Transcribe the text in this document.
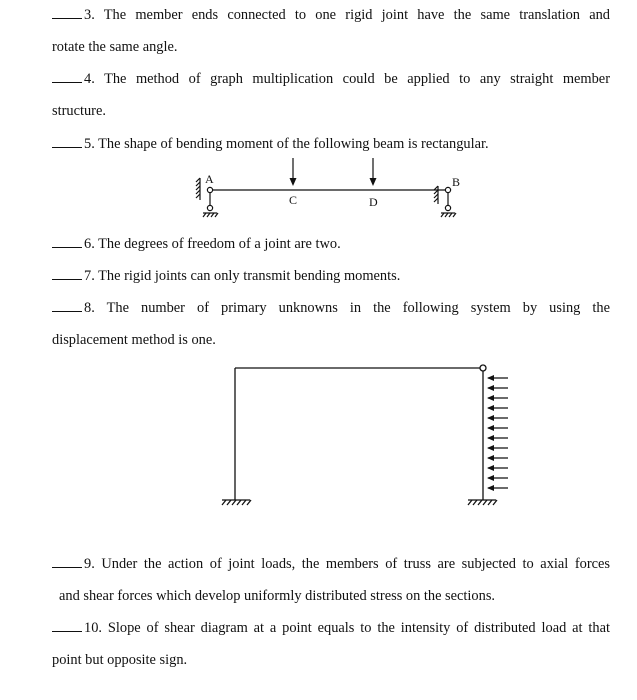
3. The member ends connected to one rigid joint have the same translation and
rotate the same angle.
4. The method of graph multiplication could be applied to any straight member
structure.
5. The shape of bending moment of the following beam is rectangular.
A	B
C	D
6. The degrees of freedom of a joint are two.
7. The rigid joints can only transmit bending moments.
8. The number of primary unknowns in the following system by using the
displacement method is one.
9. Under the action of joint loads, the members of truss are subjected to axial forces
and shear forces which develop uniformly distributed stress on the sections.
10. Slope of shear diagram at a point equals to the intensity of distributed load at that
point but opposite sign.
